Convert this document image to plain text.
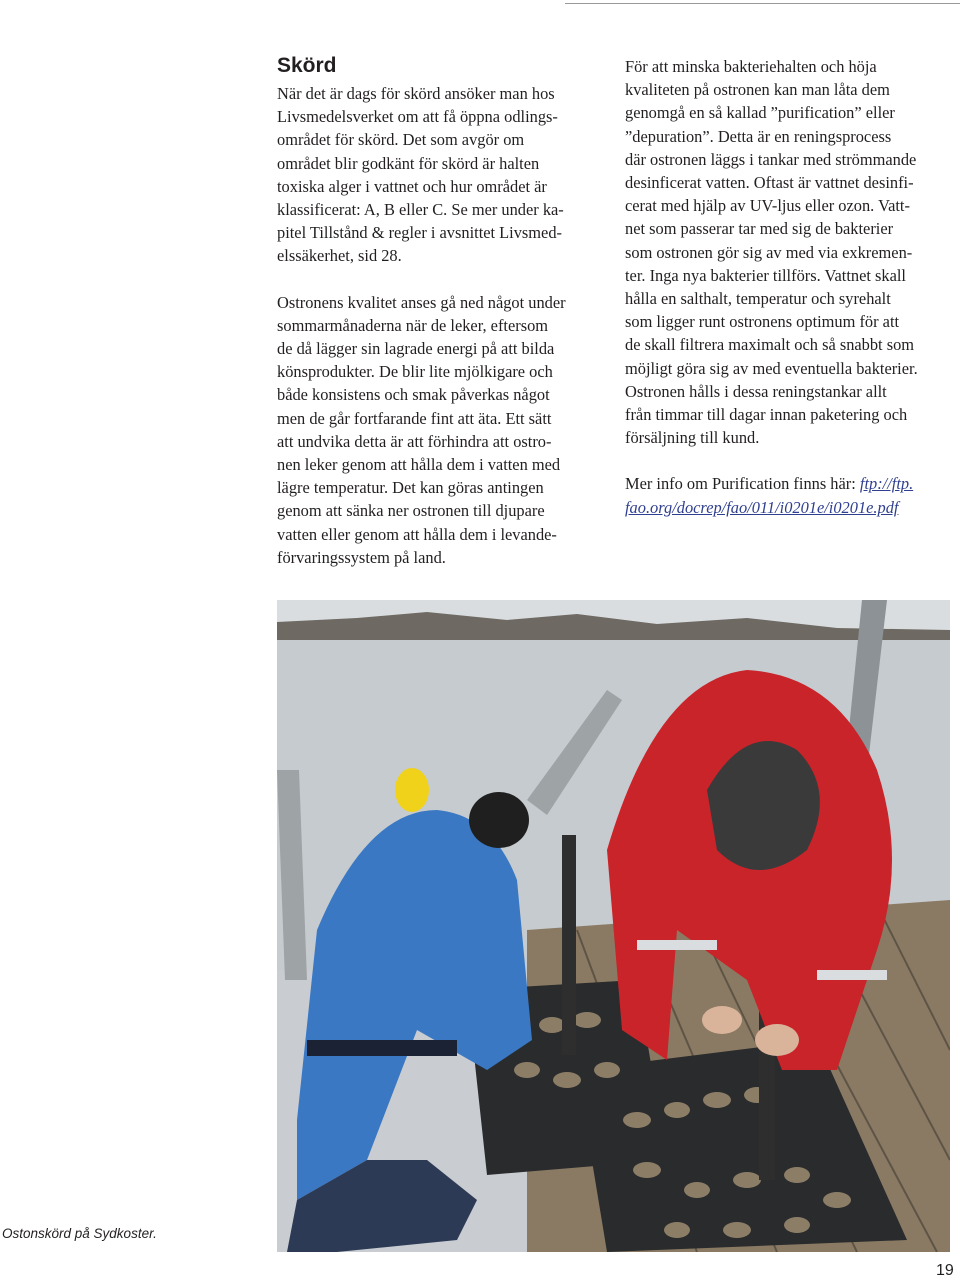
Skörd

När det är dags för skörd ansöker man hos
Livsmedelsverket om att få öppna odlings-
området för skörd. Det som avgör om
området blir godkänt för skörd är halten
toxiska alger i vattnet och hur området är
klassificerat: A, B eller C. Se mer under ka-
pitel Tillstånd & regler i avsnittet Livsmed-
elssäkerhet, sid 28.

Ostronens kvalitet anses gå ned något under
sommarmånaderna när de leker, eftersom
de då lägger sin lagrade energi på att bilda
könsprodukter. De blir lite mjölkigare och
både konsistens och smak påverkas något
men de går fortfarande fint att äta. Ett sätt
att undvika detta är att förhindra att ostro-
nen leker genom att hålla dem i vatten med
lägre temperatur. Det kan göras antingen
genom att sänka ner ostronen till djupare
vatten eller genom att hålla dem i levande-
förvaringssystem på land.

För att minska bakteriehalten och höja
kvaliteten på ostronen kan man låta dem
genomgå en så kallad ”purification” eller
”depuration”. Detta är en reningsprocess
där ostronen läggs i tankar med strömmande
desinficerat vatten. Oftast är vattnet desinfi-
cerat med hjälp av UV-ljus eller ozon. Vatt-
net som passerar tar med sig de bakterier
som ostronen gör sig av med via exkremen-
ter. Inga nya bakterier tillförs. Vattnet skall
hålla en salthalt, temperatur och syrehalt
som ligger runt ostronens optimum för att
de skall filtrera maximalt och så snabbt som
möjligt göra sig av med eventuella bakterier.
Ostronen hålls i dessa reningstankar allt
från timmar till dagar innan paketering och
försäljning till kund.

Mer info om Purification finns här: ftp://ftp.
fao.org/docrep/fao/011/i0201e/i0201e.pdf

Ostonskörd på Sydkoster.
19
